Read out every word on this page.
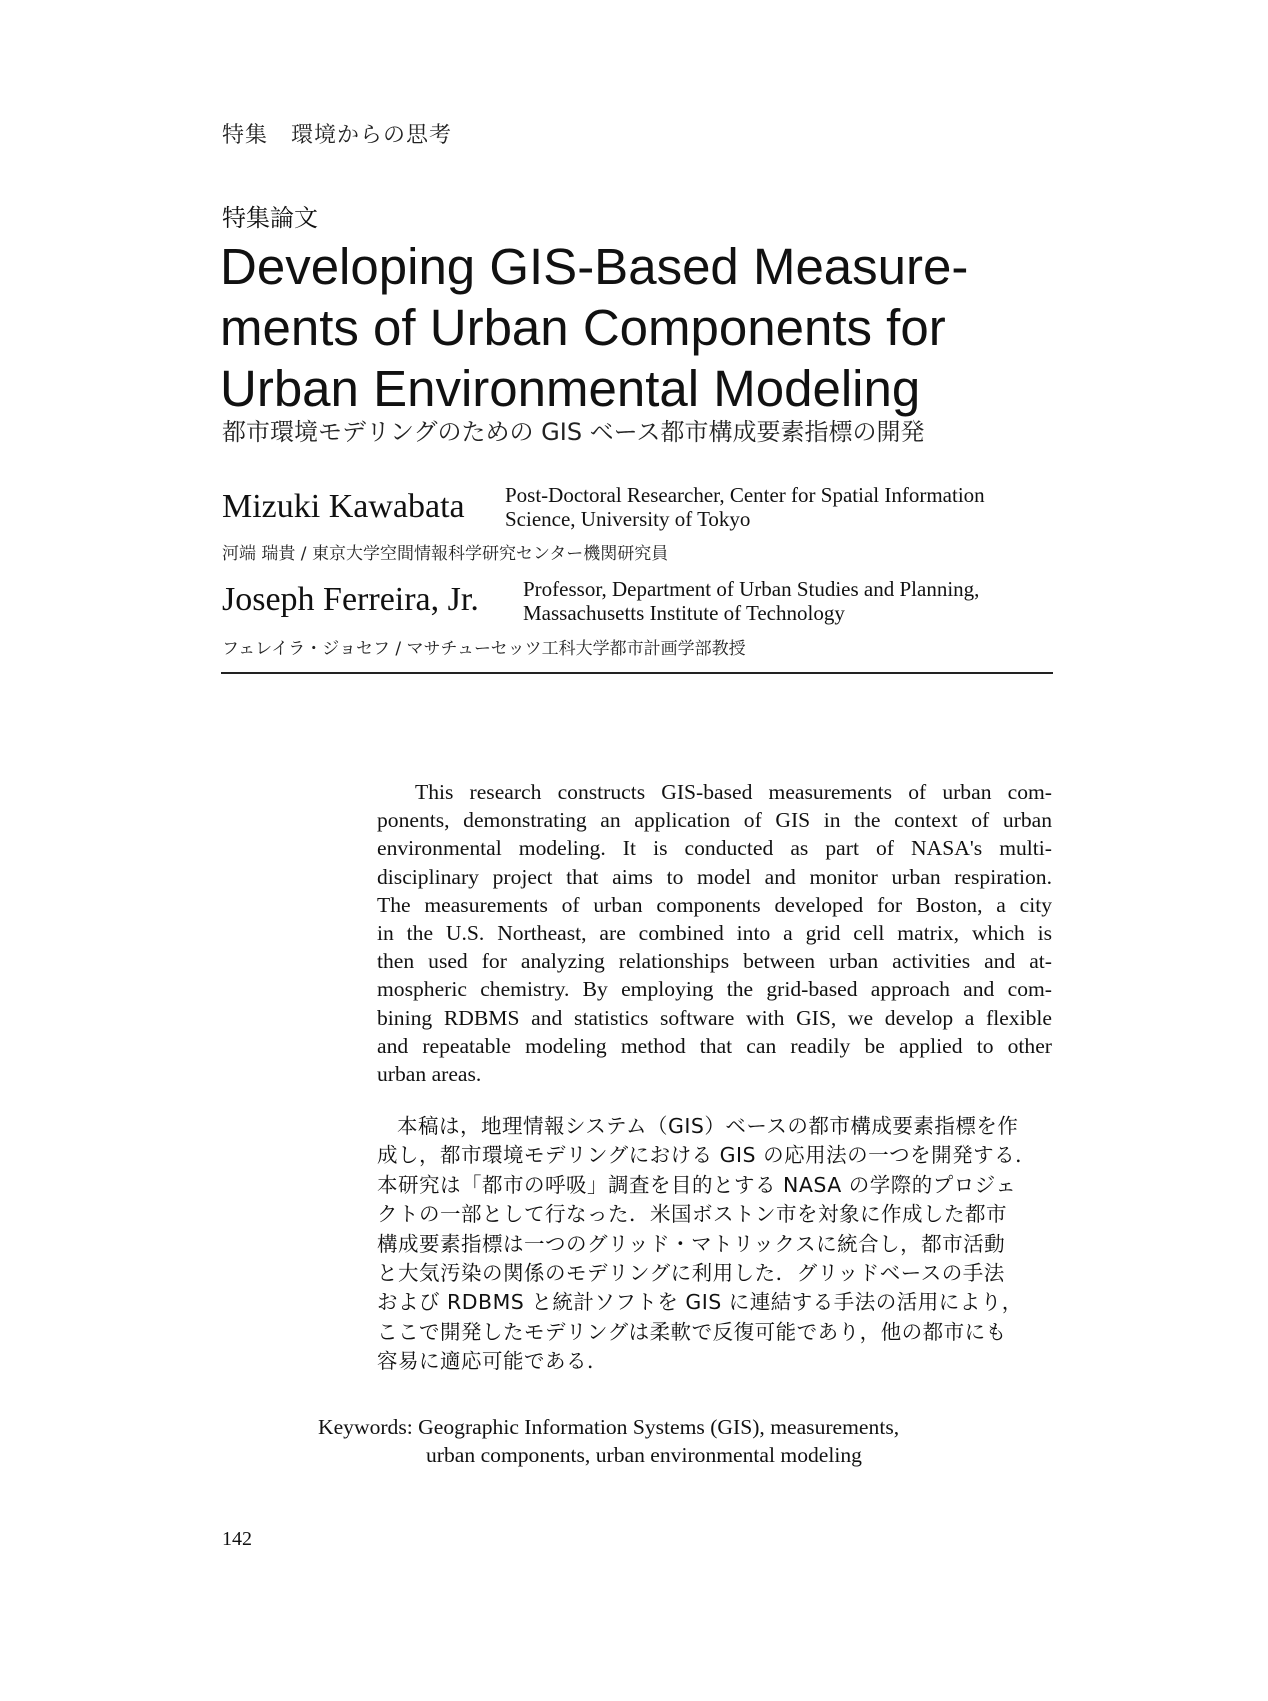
特集　環境からの思考
特集論文
Developing GIS-Based Measure-
ments of Urban Components for
Urban Environmental Modeling
都市環境モデリングのための GIS ベース都市構成要素指標の開発
Mizuki Kawabata Post-Doctoral Researcher, Center for Spatial Information
Science, University of Tokyo
河端 瑞貴 / 東京大学空間情報科学研究センター機関研究員
Joseph Ferreira, Jr. Professor, Department of Urban Studies and Planning,
Massachusetts Institute of Technology
フェレイラ・ジョセフ / マサチューセッツ工科大学都市計画学部教授
This research constructs GIS-based measurements of urban com-
ponents, demonstrating an application of GIS in the context of urban
environmental modeling. It is conducted as part of NASA's multi-
disciplinary project that aims to model and monitor urban respiration.
The measurements of urban components developed for Boston, a city
in the U.S. Northeast, are combined into a grid cell matrix, which is
then used for analyzing relationships between urban activities and at-
mospheric chemistry. By employing the grid-based approach and com-
bining RDBMS and statistics software with GIS, we develop a flexible
and repeatable modeling method that can readily be applied to other
urban areas.
本稿は，地理情報システム（GIS）ベースの都市構成要素指標を作
成し，都市環境モデリングにおける GIS の応用法の一つを開発する．
本研究は「都市の呼吸」調査を目的とする NASA の学際的プロジェ
クトの一部として行なった．米国ボストン市を対象に作成した都市
構成要素指標は一つのグリッド・マトリックスに統合し，都市活動
と大気汚染の関係のモデリングに利用した．グリッドベースの手法
および RDBMS と統計ソフトを GIS に連結する手法の活用により，
ここで開発したモデリングは柔軟で反復可能であり，他の都市にも
容易に適応可能である．
Keywords: Geographic Information Systems (GIS), measurements,
urban components, urban environmental modeling
142
